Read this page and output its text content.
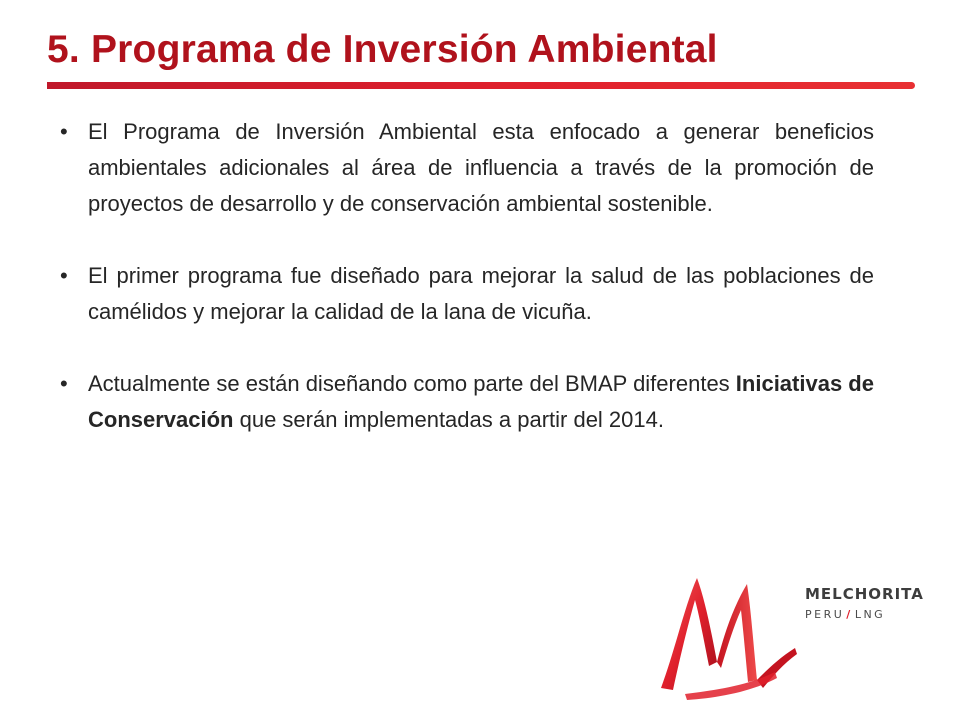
5. Programa de Inversión Ambiental
• El Programa de Inversión Ambiental esta enfocado a generar beneficios ambientales adicionales al área de influencia a través de la promoción de proyectos de desarrollo y de conservación ambiental sostenible.
• El primer programa fue diseñado para mejorar la salud de las poblaciones de camélidos y mejorar la calidad de la lana de vicuña.
• Actualmente se están diseñando como parte del BMAP diferentes Iniciativas de Conservación que serán implementadas a partir del 2014.
MELCHORITA
PERU / LNG
